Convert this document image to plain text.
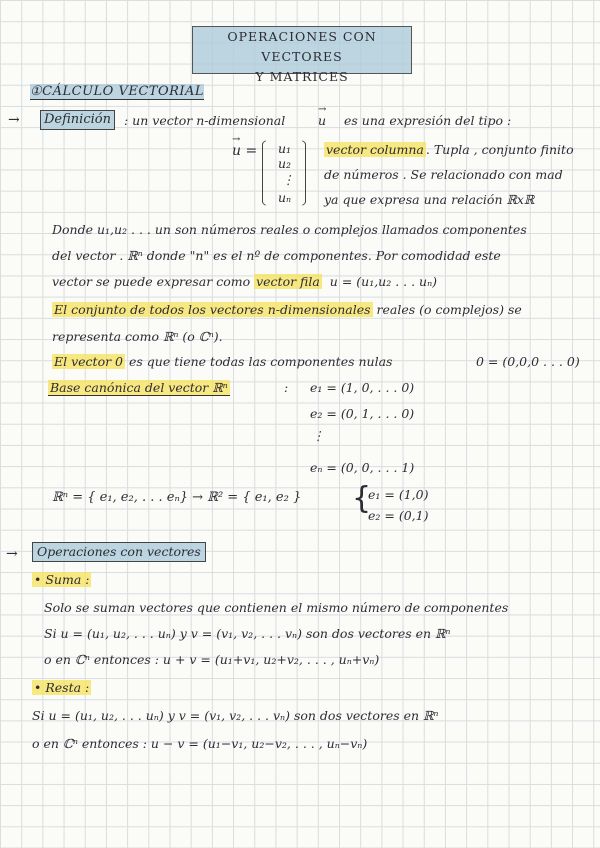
OPERACIONES CON VECTORES
Y MATRICES
①CÁLCULO VECTORIAL
→	Definición	: un vector n-dimensional
→	u es una expresión del tipo :
→ u = u₁
u₂
⋮
uₙ
vector columna . Tupla , conjunto finito
de números . Se relacionado con mad
ya que expresa una relación ℝxℝ
Donde u₁,u₂ . . . un son números reales o complejos llamados componentes
del vector . ℝⁿ donde "n" es el nº de componentes. Por comodidad este
vector se puede expresar como vector fila u = (u₁,u₂ . . . uₙ)
El conjunto de todos los vectores n-dimensionales reales (o complejos) se
representa como ℝⁿ (o ℂⁿ).
El vector 0 es que tiene todas las componentes nulas	0 = (0,0,0 . . . 0)
Base canónica del vector ℝⁿ	: e₁ = (1, 0, . . . 0)
e₂ = (0, 1, . . . 0)
⋮
eₙ = (0, 0, . . . 1)
ℝⁿ = { e₁, e₂, . . . eₙ} → ℝ² = { e₁, e₂ } {
e₁ = (1,0)
e₂ = (0,1)
→	Operaciones con vectores
• Suma :
Solo se suman vectores que contienen el mismo número de componentes
Si u = (u₁, u₂, . . . uₙ) y v = (v₁, v₂, . . . vₙ) son dos vectores en ℝⁿ
o en ℂⁿ entonces : u + v = (u₁+v₁, u₂+v₂, . . . , uₙ+vₙ)
• Resta :
Si u = (u₁, u₂, . . . uₙ) y v = (v₁, v₂, . . . vₙ) son dos vectores en ℝⁿ
o en ℂⁿ entonces : u − v = (u₁−v₁, u₂−v₂, . . . , uₙ−vₙ)
